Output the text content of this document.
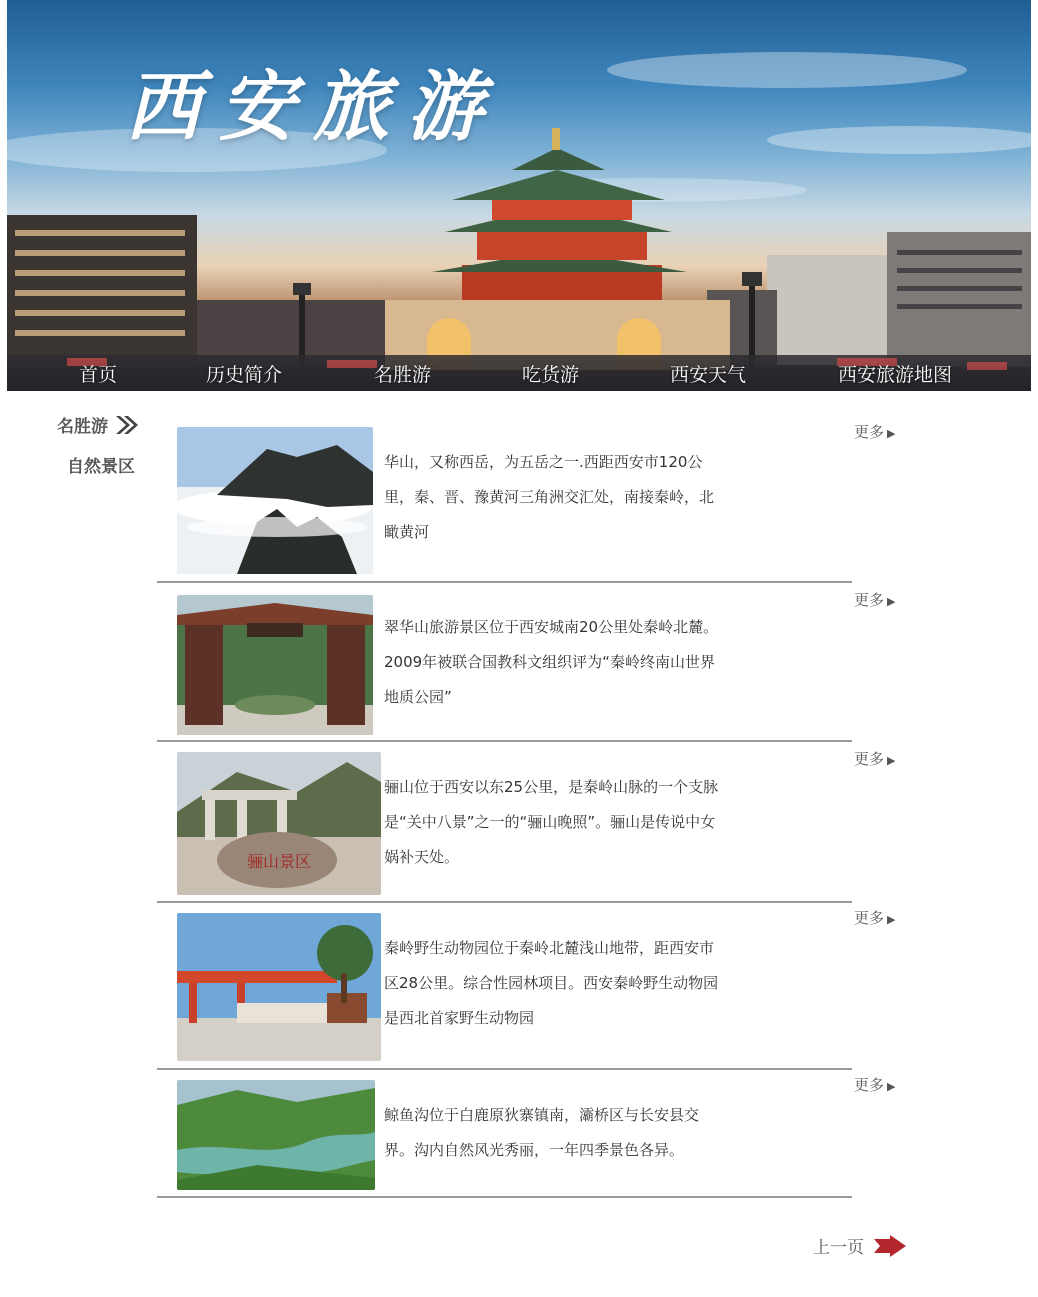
西安旅游
首页	历史简介	名胜游	吃货游	西安天气	西安旅游地图
名胜游
自然景区	华山，又称西岳，为五岳之一.西距西安市120公里，秦、晋、豫黄河三角洲交汇处，南接秦岭，北瞰黄河
更多 ▶
翠华山旅游景区位于西安城南20公里处秦岭北麓。2009年被联合国教科文组织评为“秦岭终南山世界地质公园”
更多 ▶
骊山景区
骊山位于西安以东25公里，是秦岭山脉的一个支脉是“关中八景”之一的“骊山晚照”。骊山是传说中女娲补天处。
更多 ▶
秦岭野生动物园位于秦岭北麓浅山地带，距西安市区28公里。综合性园林项目。西安秦岭野生动物园是西北首家野生动物园
更多 ▶
鲸鱼沟位于白鹿原狄寨镇南，灞桥区与长安县交界。沟内自然风光秀丽，一年四季景色各异。
更多 ▶
上一页
